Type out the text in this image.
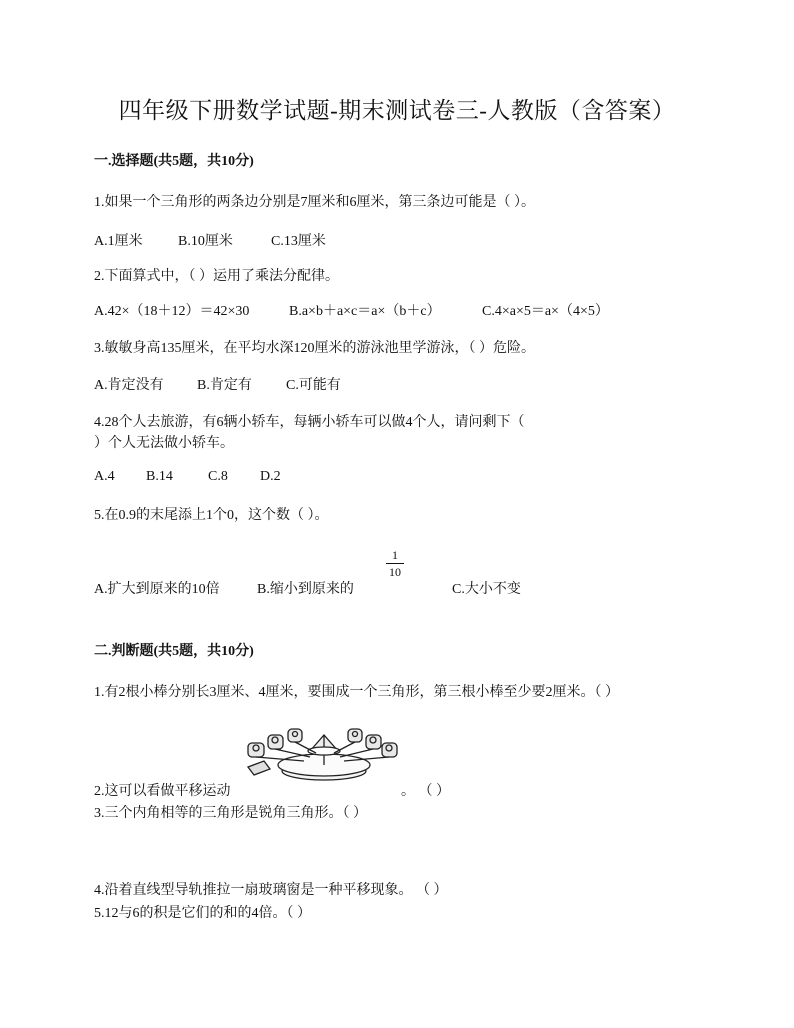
四年级下册数学试题-期末测试卷三-人教版（含答案）
一.选择题(共5题，共10分)
1.如果一个三角形的两条边分别是7厘米和6厘米，第三条边可能是（ ）。
A.1厘米	B.10厘米	C.13厘米
2.下面算式中，（ ）运用了乘法分配律。
A.42×（18＋12）＝42×30	B.a×b＋a×c＝a×（b＋c）	C.4×a×5＝a×（4×5）
3.敏敏身高135厘米，在平均水深120厘米的游泳池里学游泳，（ ）危险。
A.肯定没有 B.肯定有 C.可能有
4.28个人去旅游，有6辆小轿车，每辆小轿车可以做4个人，请问剩下（
）个人无法做小轿车。
A.4 B.14	C.8 D.2
5.在0.9的末尾添上1个0，这个数（ ）。
A.扩大到原来的10倍	B.缩小到原来的
1
10
C.大小不变
二.判断题(共5题，共10分)
1.有2根小棒分别长3厘米、4厘米，要围成一个三角形，第三根小棒至少要2厘米。（ ）
2.这可以看做平移运动	。 （ ）
3.三个内角相等的三角形是锐角三角形。（ ）
4.沿着直线型导轨推拉一扇玻璃窗是一种平移现象。 （ ）
5.12与6的积是它们的和的4倍。（ ）
